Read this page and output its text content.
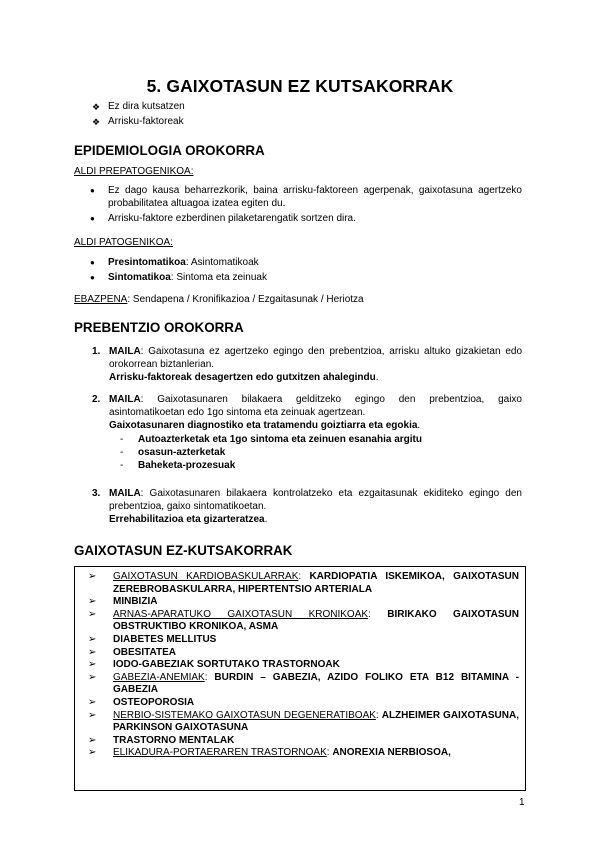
5. GAIXOTASUN EZ KUTSAKORRAK
❖ Ez dira kutsatzen
❖ Arrisku-faktoreak
EPIDEMIOLOGIA OROKORRA
ALDI PREPATOGENIKOA:
● Ez dago kausa beharrezkorik, baina arrisku-faktoreen agerpenak, gaixotasuna agertzeko probabilitatea altuagoa izatea egiten du.
● Arrisku-faktore ezberdinen pilaketarengatik sortzen dira.
ALDI PATOGENIKOA:
● Presintomatikoa: Asintomatikoak
● Sintomatikoa: Sintoma eta zeinuak
EBAZPENA: Sendapena / Kronifikazioa / Ezgaitasunak / Heriotza
PREBENTZIO OROKORRA
1. MAILA: Gaixotasuna ez agertzeko egingo den prebentzioa, arrisku altuko gizakietan edo orokorrean biztanlerian.
Arrisku-faktoreak desagertzen edo gutxitzen ahalegindu.
2. MAILA: Gaixotasunaren bilakaera gelditzeko egingo den prebentzioa, gaixo asintomatikoetan edo 1go sintoma eta zeinuak agertzean.
Gaixotasunaren diagnostiko eta tratamendu goiztiarra eta egokia.
- Autoazterketak eta 1go sintoma eta zeinuen esanahia argitu
- osasun-azterketak
- Baheketa-prozesuak
3. MAILA: Gaixotasunaren bilakaera kontrolatzeko eta ezgaitasunak ekiditeko egingo den prebentzioa, gaixo sintomatikoetan.
Errehabilitazioa eta gizarteratzea.
GAIXOTASUN EZ-KUTSAKORRAK
➢ GAIXOTASUN KARDIOBASKULARRAK: KARDIOPATIA ISKEMIKOA, GAIXOTASUN ZEREBROBASKULARRA, HIPERTENTSIO ARTERIALA
➢ MINBIZIA
➢ ARNAS-APARATUKO GAIXOTASUN KRONIKOAK: BIRIKAKO GAIXOTASUN OBSTRUKTIBO KRONIKOA, ASMA
➢ DIABETES MELLITUS
➢ OBESITATEA
➢ IODO-GABEZIAK SORTUTAKO TRASTORNOAK
➢ GABEZIA-ANEMIAK: BURDIN – GABEZIA, AZIDO FOLIKO ETA B12 BITAMINA - GABEZIA
➢ OSTEOPOROSIA
➢ NERBIO-SISTEMAKO GAIXOTASUN DEGENERATIBOAK: ALZHEIMER GAIXOTASUNA, PARKINSON GAIXOTASUNA
➢ TRASTORNO MENTALAK
➢ ELIKADURA-PORTAERAREN TRASTORNOAK: ANOREXIA NERBIOSOA,
1
